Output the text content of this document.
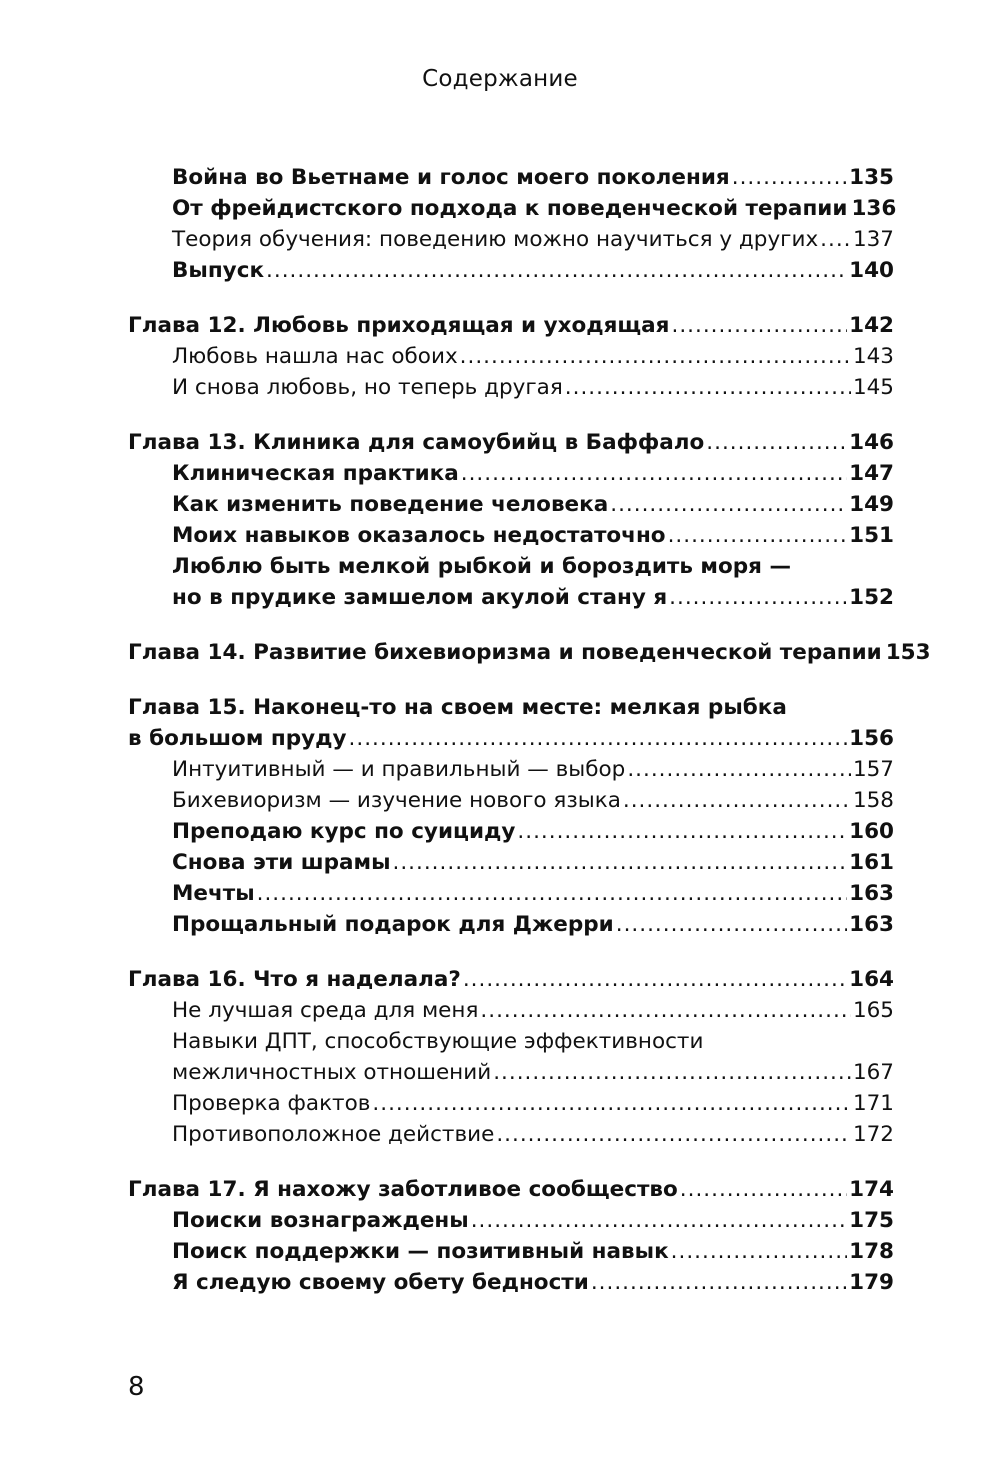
Содержание
Война во Вьетнаме и голос моего поколения .....	135
От фрейдистского подхода к поведенческой терапии 136
Теория обучения: поведению можно научиться у других ..... 137
Выпуск .....	140
Глава 12. Любовь приходящая и уходящая .....	142
Любовь нашла нас обоих .....	143
И снова любовь, но теперь другая .....	145
Глава 13. Клиника для самоубийц в Баффало .....	146
Клиническая практика .....	147
Как изменить поведение человека .....	149
Моих навыков оказалось недостаточно .....	151
Люблю быть мелкой рыбкой и бороздить моря —
но в прудике замшелом акулой стану я .....	152
Глава 14. Развитие бихевиоризма и поведенческой терапии 153
Глава 15. Наконец-то на своем месте: мелкая рыбка
в большом пруду .....	156
Интуитивный — и правильный — выбор .....	157
Бихевиоризм — изучение нового языка .....	158
Преподаю курс по суициду .....	160
Снова эти шрамы .....	161
Мечты .....	163
Прощальный подарок для Джерри .....	163
Глава 16. Что я наделала? .....	164
Не лучшая среда для меня .....	165
Навыки ДПТ, способствующие эффективности
межличностных отношений .....	167
Проверка фактов .....	171
Противоположное действие .....	172
Глава 17. Я нахожу заботливое сообщество .....	174
Поиски вознаграждены .....	175
Поиск поддержки — позитивный навык .....	178
Я следую своему обету бедности .....	179
8
